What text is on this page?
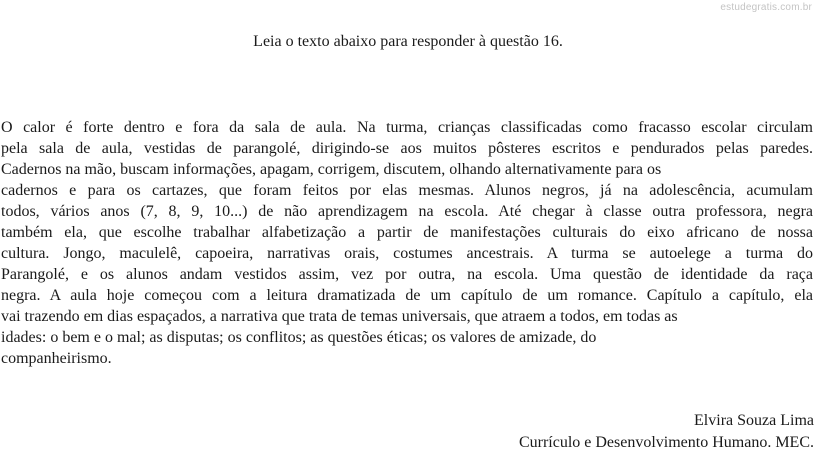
estudegratis.com.br
Leia o texto abaixo para responder à questão 16.
O calor é forte dentro e fora da sala de aula. Na turma, crianças classificadas como fracasso escolar circulam
pela sala de aula, vestidas de parangolé, dirigindo-se aos muitos pôsteres escritos e pendurados pelas paredes.
Cadernos na mão, buscam informações, apagam, corrigem, discutem, olhando alternativamente para os
cadernos e para os cartazes, que foram feitos por elas mesmas. Alunos negros, já na adolescência, acumulam
todos, vários anos (7, 8, 9, 10...) de não aprendizagem na escola. Até chegar à classe outra professora, negra
também ela, que escolhe trabalhar alfabetização a partir de manifestações culturais do eixo africano de nossa
cultura. Jongo, maculelê, capoeira, narrativas orais, costumes ancestrais. A turma se autoelege a turma do
Parangolé, e os alunos andam vestidos assim, vez por outra, na escola. Uma questão de identidade da raça
negra. A aula hoje começou com a leitura dramatizada de um capítulo de um romance. Capítulo a capítulo, ela
vai trazendo em dias espaçados, a narrativa que trata de temas universais, que atraem a todos, em todas as
idades: o bem e o mal; as disputas; os conflitos; as questões éticas; os valores de amizade, do
companheirismo.
Elvira Souza Lima
Currículo e Desenvolvimento Humano. MEC.
